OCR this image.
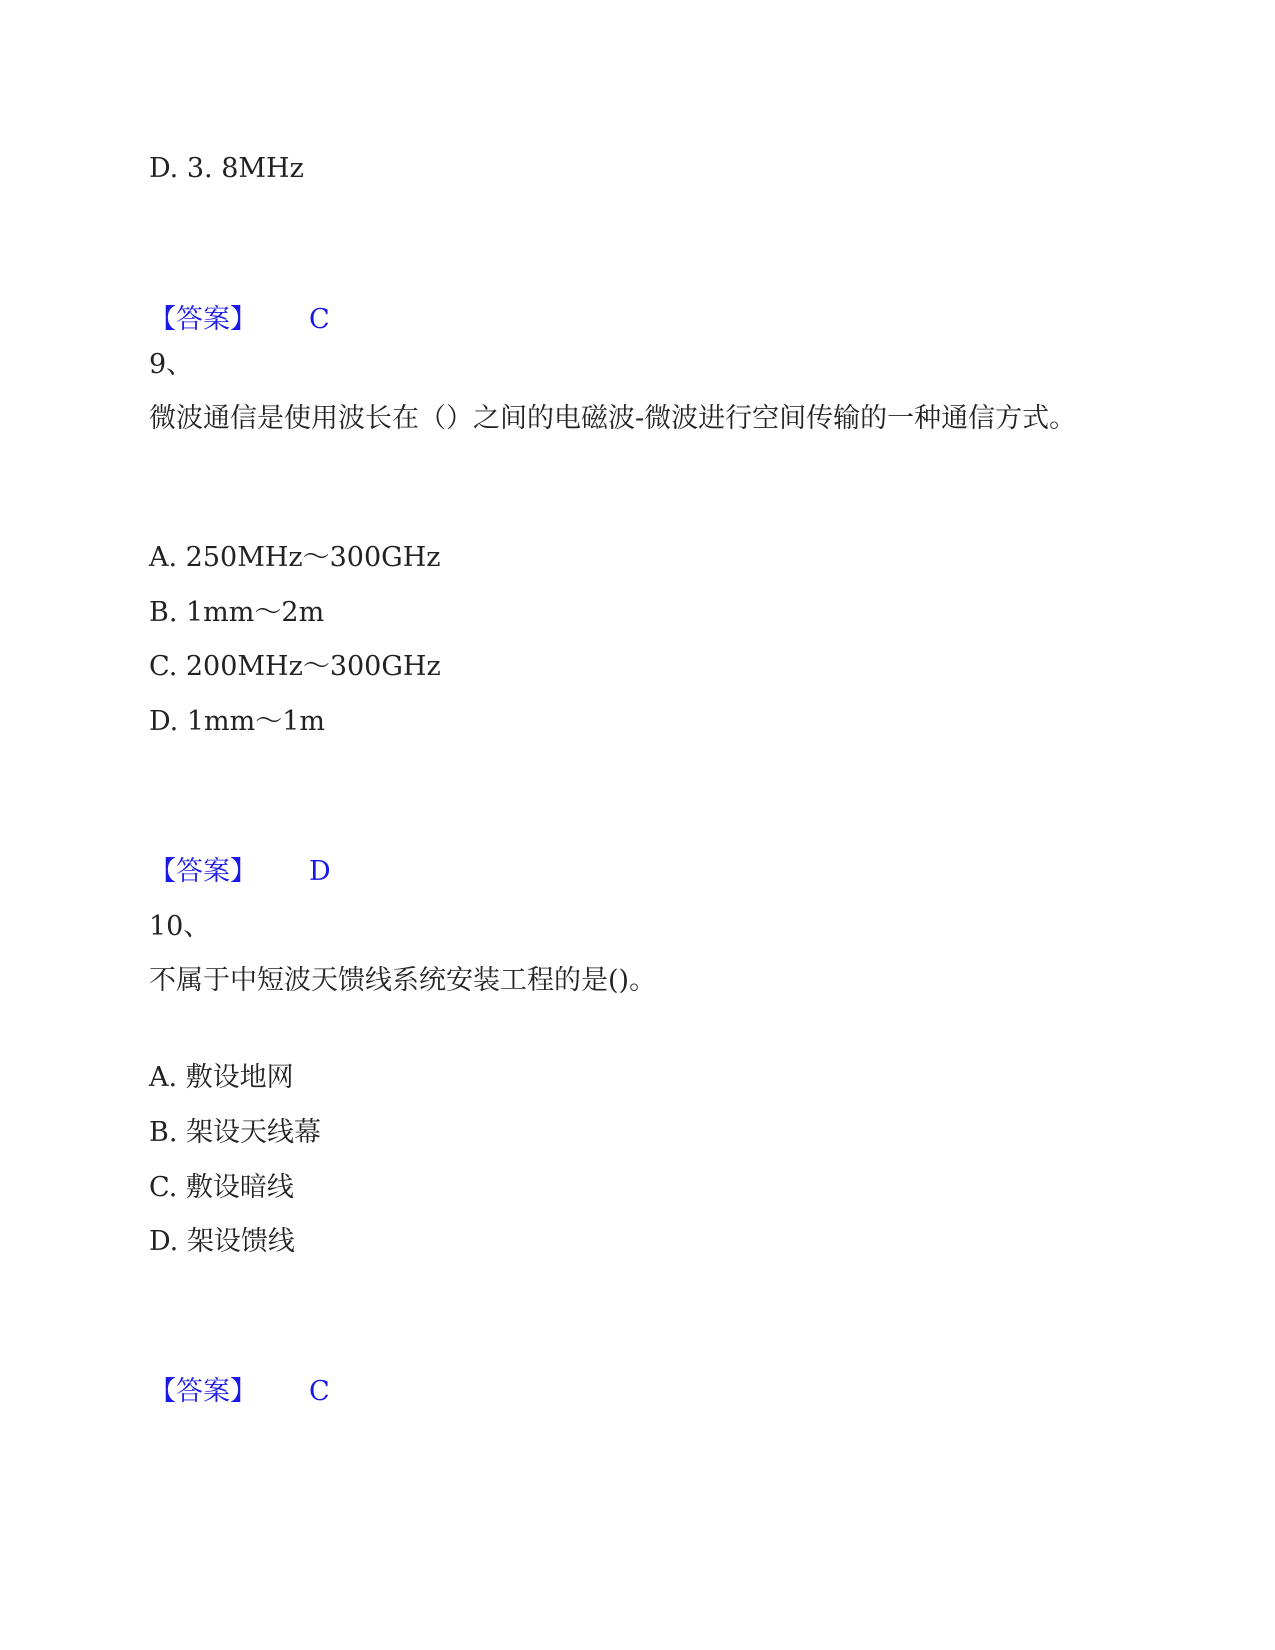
D. 3. 8MHz
【答案】 C
9、
微波通信是使用波长在（）之间的电磁波-微波进行空间传输的一种通信方式。
A. 250MHz～300GHz
B. 1mm～2m
C. 200MHz～300GHz
D. 1mm～1m
【答案】 D
10、
不属于中短波天馈线系统安装工程的是()。
A. 敷设地网
B. 架设天线幕
C. 敷设暗线
D. 架设馈线
【答案】 C
